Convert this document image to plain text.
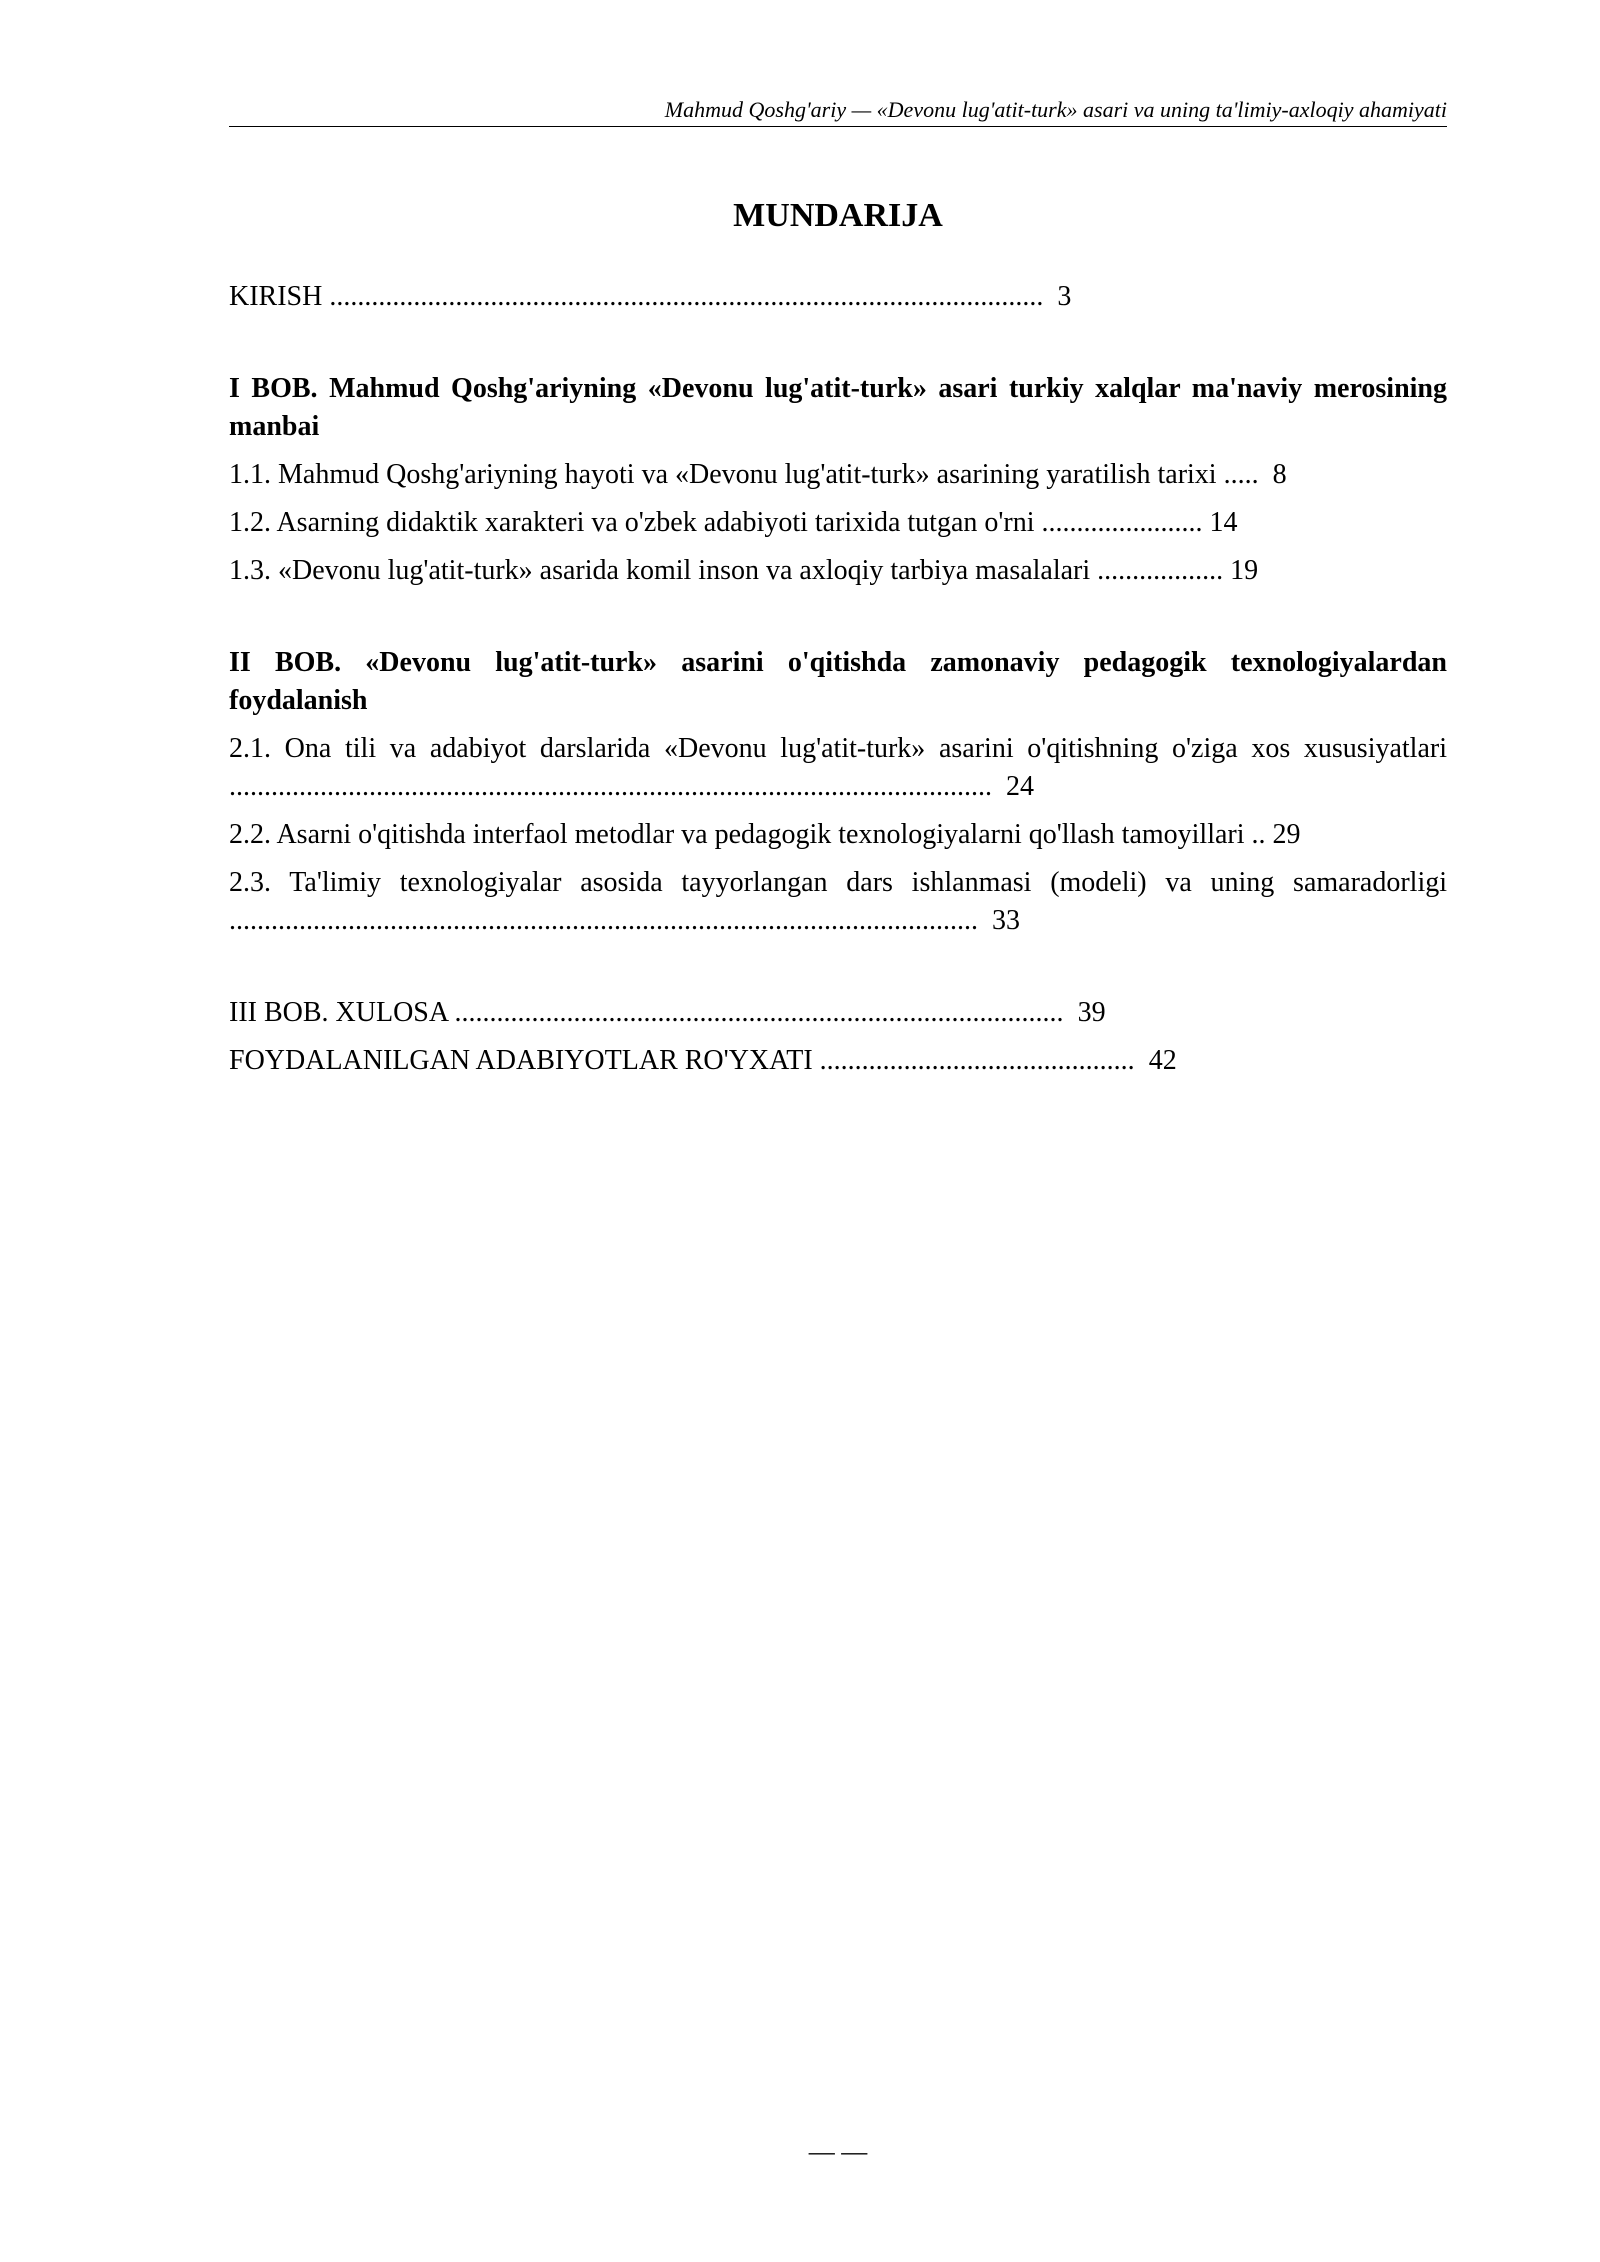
Mahmud Qoshg'ariy — «Devonu lug'atit-turk» asari va uning ta'limiy-axloqiy ahamiyati
MUNDARIJA

KIRISH ...................................................................................................... 3

I BOB. Mahmud Qoshg'ariyning «Devonu lug'atit-turk» asari turkiy xalqlar ma'naviy merosining manbai

1.1. Mahmud Qoshg'ariyning hayoti va «Devonu lug'atit-turk» asarining yaratilish tarixi ..... 8

1.2. Asarning didaktik xarakteri va o'zbek adabiyoti tarixida tutgan o'rni ....................... 14

1.3. «Devonu lug'atit-turk» asarida komil inson va axloqiy tarbiya masalalari .................. 19

II BOB. «Devonu lug'atit-turk» asarini o'qitishda zamonaviy pedagogik texnologiyalardan foydalanish

2.1. Ona tili va adabiyot darslarida «Devonu lug'atit-turk» asarini o'qitishning o'ziga xos xususiyatlari ............................................................................................................. 24

2.2. Asarni o'qitishda interfaol metodlar va pedagogik texnologiyalarni qo'llash tamoyillari .. 29

2.3. Ta'limiy texnologiyalar asosida tayyorlangan dars ishlanmasi (modeli) va uning samaradorligi ........................................................................................................... 33

III BOB. XULOSA ....................................................................................... 39

FOYDALANILGAN ADABIYOTLAR RO'YXATI ............................................. 42

— —
